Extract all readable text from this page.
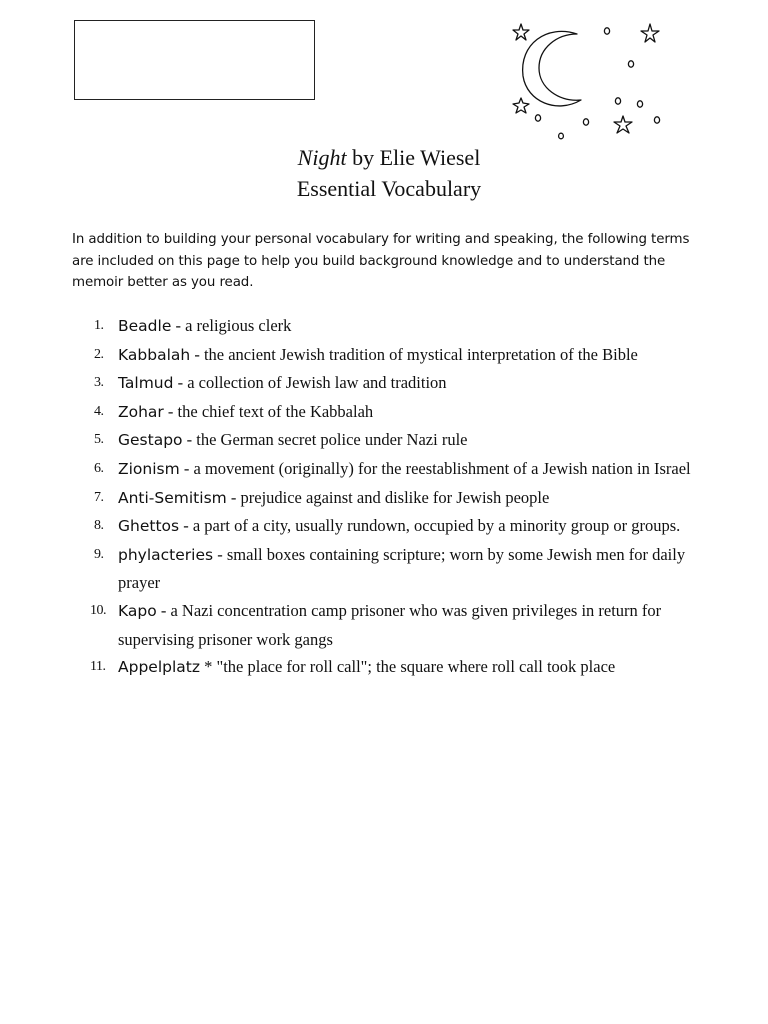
Night by Elie Wiesel
Essential Vocabulary

In addition to building your personal vocabulary for writing and speaking, the following terms are included on this page to help you build background knowledge and to understand the memoir better as you read.

1. Beadle - a religious clerk
2. Kabbalah - the ancient Jewish tradition of mystical interpretation of the Bible
3. Talmud - a collection of Jewish law and tradition
4. Zohar - the chief text of the Kabbalah
5. Gestapo - the German secret police under Nazi rule
6. Zionism - a movement (originally) for the reestablishment of a Jewish nation in Israel
7. Anti-Semitism - prejudice against and dislike for Jewish people
8. Ghettos - a part of a city, usually rundown, occupied by a minority group or groups.
9. phylacteries - small boxes containing scripture; worn by some Jewish men for daily prayer
10. Kapo - a Nazi concentration camp prisoner who was given privileges in return for supervising prisoner work gangs
11. Appelplatz * "the place for roll call"; the square where roll call took place
